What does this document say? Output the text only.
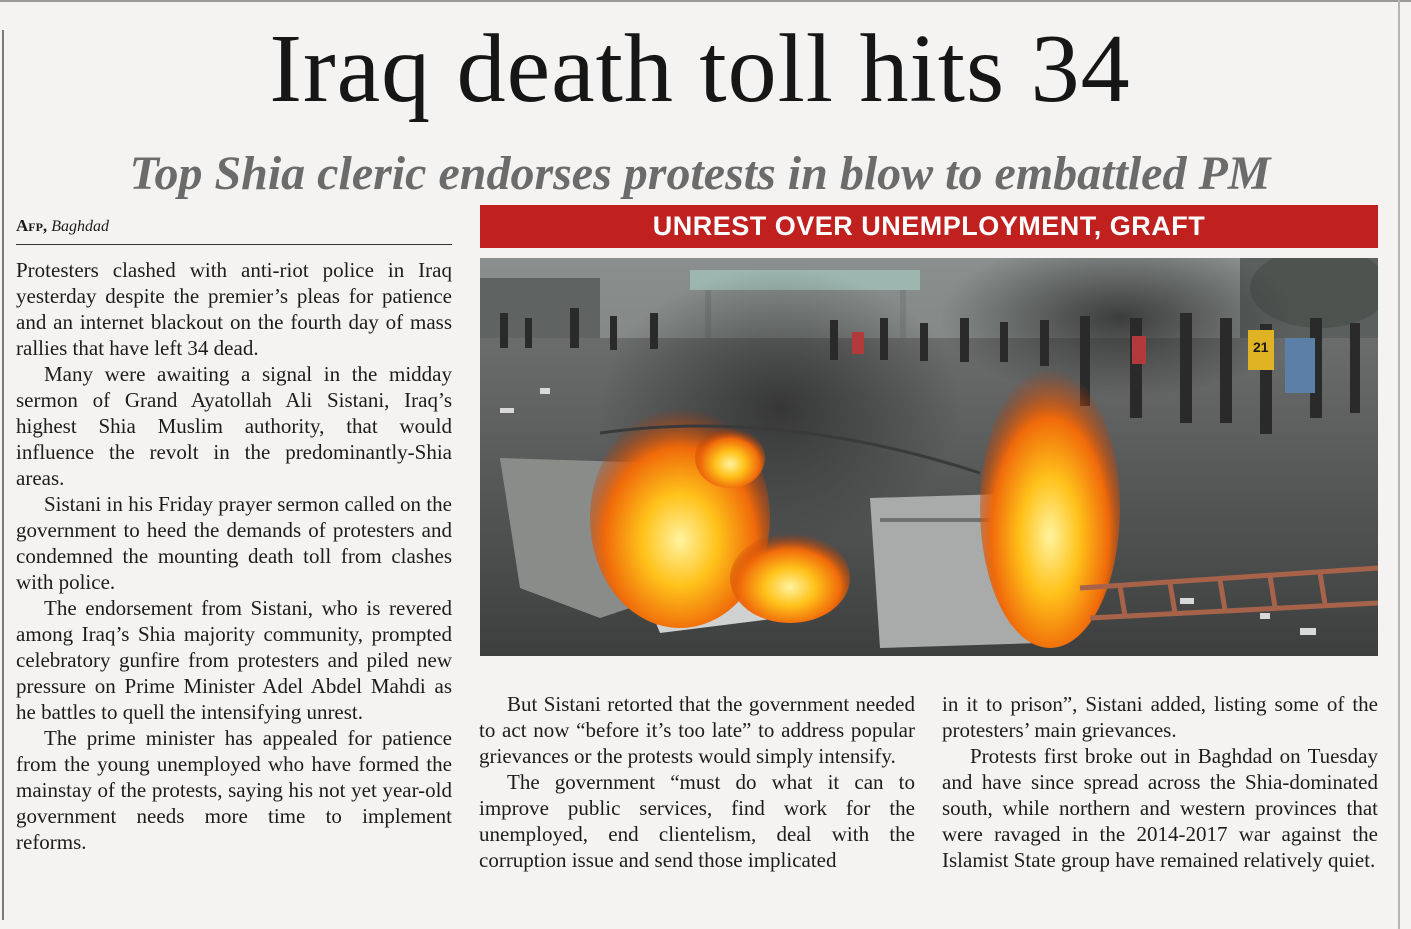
Iraq death toll hits 34
Top Shia cleric endorses protests in blow to embattled PM
Afp, Baghdad

Protesters clashed with anti-riot police in Iraq yesterday despite the premier’s pleas for patience and an internet blackout on the fourth day of mass rallies that have left 34 dead.

Many were awaiting a signal in the midday sermon of Grand Ayatollah Ali Sistani, Iraq’s highest Shia Muslim authority, that would influence the revolt in the predominantly-Shia areas.

Sistani in his Friday prayer sermon called on the government to heed the demands of protesters and condemned the mounting death toll from clashes with police.

The endorsement from Sistani, who is revered among Iraq’s Shia majority community, prompted celebratory gunfire from protesters and piled new pressure on Prime Minister Adel Abdel Mahdi as he battles to quell the intensifying unrest.

The prime minister has appealed for patience from the young unemployed who have formed the mainstay of the protests, saying his not yet year-old government needs more time to implement reforms.

UNREST OVER UNEMPLOYMENT, GRAFT
21

But Sistani retorted that the government needed to act now “before it’s too late” to address popular grievances or the protests would simply intensify.

The government “must do what it can to improve public services, find work for the unemployed, end clientelism, deal with the corruption issue and send those implicated

in it to prison”, Sistani added, listing some of the protesters’ main grievances.

Protests first broke out in Baghdad on Tuesday and have since spread across the Shia-dominated south, while northern and western provinces that were ravaged in the 2014-2017 war against the Islamist State group have remained relatively quiet.
